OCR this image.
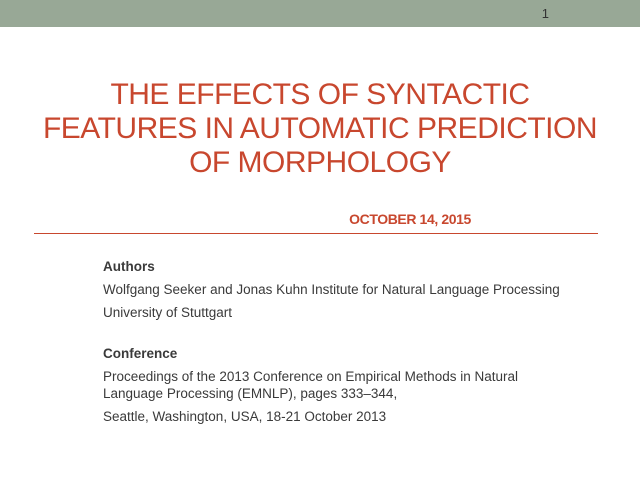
1
THE EFFECTS OF SYNTACTIC FEATURES IN AUTOMATIC PREDICTION OF MORPHOLOGY
OCTOBER 14, 2015
Authors
Wolfgang Seeker and Jonas Kuhn Institute for Natural Language Processing
University of Stuttgart
Conference
Proceedings of the 2013 Conference on Empirical Methods in Natural Language Processing (EMNLP), pages 333–344,
Seattle, Washington, USA, 18-21 October 2013
